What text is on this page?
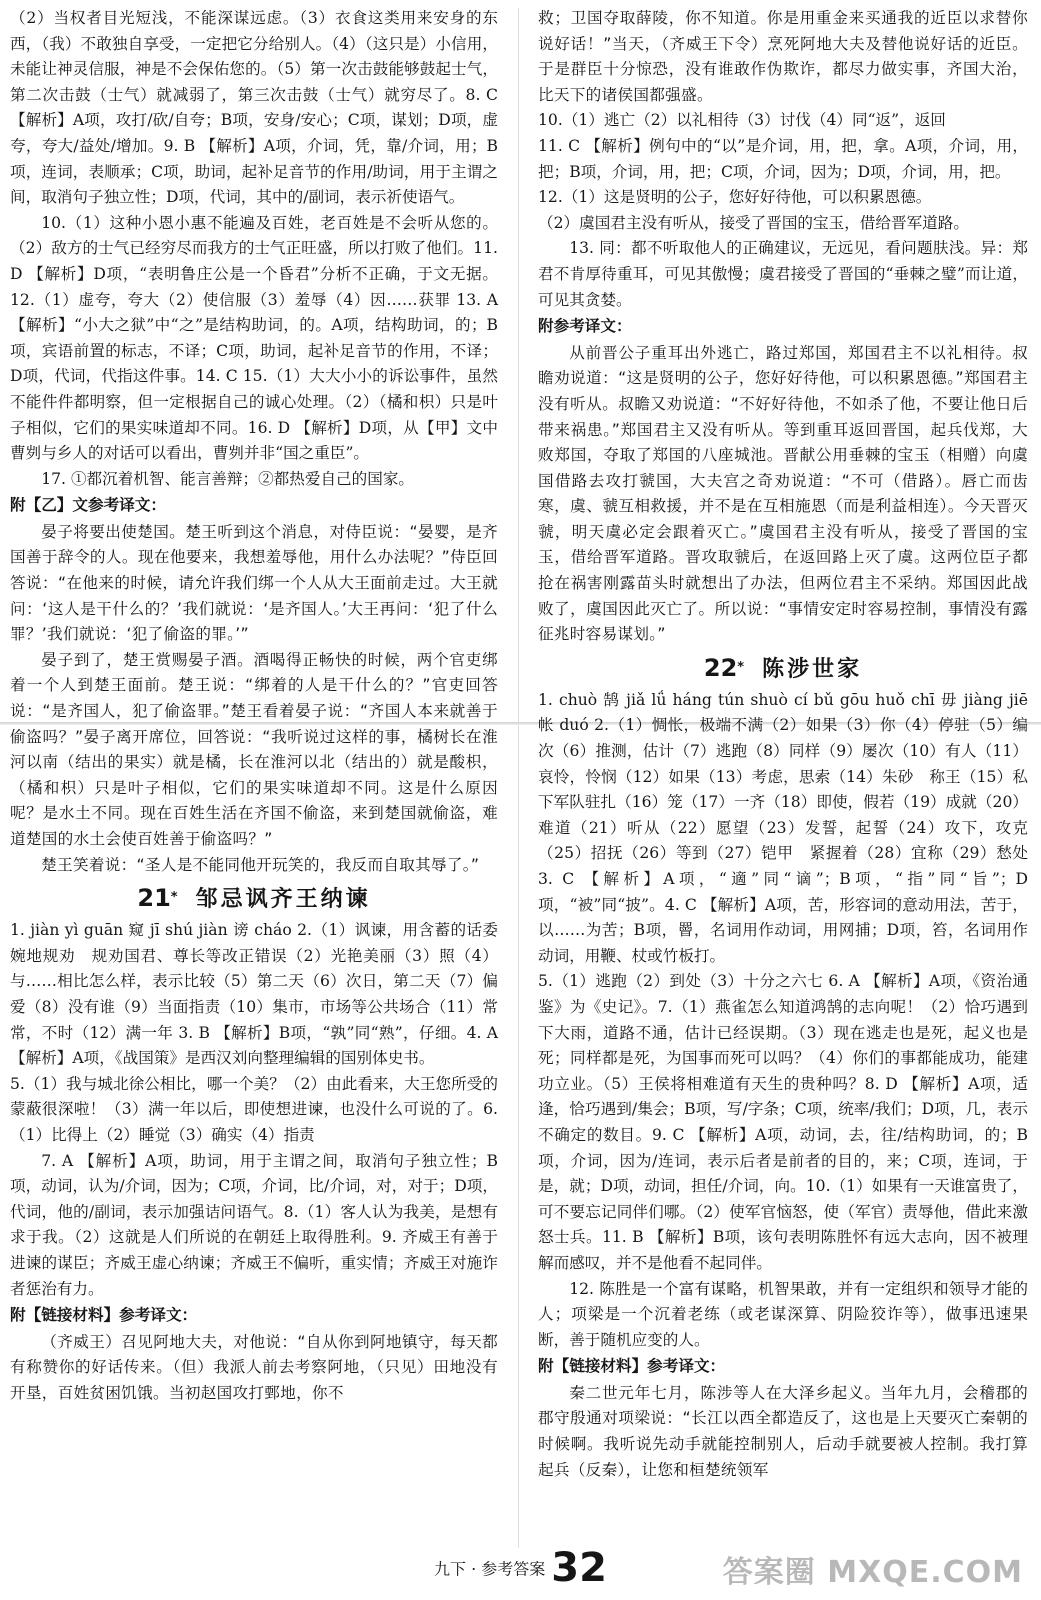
（2）当权者目光短浅，不能深谋远虑。（3）衣食这类用来安身的东西，（我）不敢独自享受，一定把它分给别人。（4）（这只是）小信用，未能让神灵信服，神是不会保佑您的。（5）第一次击鼓能够鼓起士气，第二次击鼓（士气）就减弱了，第三次击鼓（士气）就穷尽了。8. C 【解析】A项，攻打/砍/自夸；B项，安身/安心；C项，谋划；D项，虚夸，夸大/益处/增加。9. B 【解析】A项，介词，凭，靠/介词，用；B项，连词，表顺承；C项，助词，起补足音节的作用/助词，用于主谓之间，取消句子独立性；D项，代词，其中的/副词，表示祈使语气。

10.（1）这种小恩小惠不能遍及百姓，老百姓是不会听从您的。（2）敌方的士气已经穷尽而我方的士气正旺盛，所以打败了他们。11. D 【解析】D项，“表明鲁庄公是一个昏君”分析不正确，于文无据。12.（1）虚夸，夸大（2）使信服（3）羞辱（4）因……获罪 13. A 【解析】“小大之狱”中“之”是结构助词，的。A项，结构助词，的；B项，宾语前置的标志，不译；C项，助词，起补足音节的作用，不译；D项，代词，代指这件事。14. C 15.（1）大大小小的诉讼事件，虽然不能件件都明察，但一定根据自己的诚心处理。（2）（橘和枳）只是叶子相似，它们的果实味道却不同。16. D 【解析】D项，从【甲】文中曹刿与乡人的对话可以看出，曹刿并非“国之重臣”。

17. ①都沉着机智、能言善辩；②都热爱自己的国家。

附【乙】文参考译文：

晏子将要出使楚国。楚王听到这个消息，对侍臣说：“晏婴，是齐国善于辞令的人。现在他要来，我想羞辱他，用什么办法呢？”侍臣回答说：“在他来的时候，请允许我们绑一个人从大王面前走过。大王就问：‘这人是干什么的？’我们就说：‘是齐国人。’大王再问：‘犯了什么罪？’我们就说：‘犯了偷盗的罪。’”

晏子到了，楚王赏赐晏子酒。酒喝得正畅快的时候，两个官吏绑着一个人到楚王面前。楚王说：“绑着的人是干什么的？”官吏回答说：“是齐国人，犯了偷盗罪。”楚王看着晏子说：“齐国人本来就善于偷盗吗？”晏子离开席位，回答说：“我听说过这样的事，橘树长在淮河以南（结出的果实）就是橘，长在淮河以北（结出的）就是酸枳，（橘和枳）只是叶子相似，它们的果实味道却不同。这是什么原因呢？是水土不同。现在百姓生活在齐国不偷盗，来到楚国就偷盗，难道楚国的水土会使百姓善于偷盗吗？”

楚王笑着说：“圣人是不能同他开玩笑的，我反而自取其辱了。”

21* 邹忌讽齐王纳谏

1. jiàn yì guān 窥 jī shú jiàn 谤 cháo 2.（1）讽谏，用含蓄的话委婉地规劝　规劝国君、尊长等改正错误（2）光艳美丽（3）照（4）与……相比怎么样，表示比较（5）第二天（6）次日，第二天（7）偏爱（8）没有谁（9）当面指责（10）集市，市场等公共场合（11）常常，不时（12）满一年 3. B 【解析】B项，“孰”同“熟”，仔细。4. A 【解析】A项，《战国策》是西汉刘向整理编辑的国别体史书。

5.（1）我与城北徐公相比，哪一个美？（2）由此看来，大王您所受的蒙蔽很深啦！（3）满一年以后，即使想进谏，也没什么可说的了。6.（1）比得上（2）睡觉（3）确实（4）指责

7. A 【解析】A项，助词，用于主谓之间，取消句子独立性；B项，动词，认为/介词，因为；C项，介词，比/介词，对，对于；D项，代词，他的/副词，表示加强诘问语气。8.（1）客人认为我美，是想有求于我。（2）这就是人们所说的在朝廷上取得胜利。9. 齐威王有善于进谏的谋臣；齐威王虚心纳谏；齐威王不偏听，重实情；齐威王对施诈者惩治有力。

附【链接材料】参考译文：

（齐威王）召见阿地大夫，对他说：“自从你到阿地镇守，每天都有称赞你的好话传来。（但）我派人前去考察阿地，（只见）田地没有开垦，百姓贫困饥饿。当初赵国攻打鄄地，你不

救；卫国夺取薛陵，你不知道。你是用重金来买通我的近臣以求替你说好话！”当天，（齐威王下令）烹死阿地大夫及替他说好话的近臣。于是群臣十分惊恐，没有谁敢作伪欺诈，都尽力做实事，齐国大治，比天下的诸侯国都强盛。

10.（1）逃亡（2）以礼相待（3）讨伐（4）同“返”，返回

11. C 【解析】例句中的“以”是介词，用，把，拿。A项，介词，用，把；B项，介词，用，把；C项，介词，因为；D项，介词，用，把。

12.（1）这是贤明的公子，您好好待他，可以积累恩德。

（2）虞国君主没有听从，接受了晋国的宝玉，借给晋军道路。

13. 同：都不听取他人的正确建议，无远见，看问题肤浅。异：郑君不肯厚待重耳，可见其傲慢；虞君接受了晋国的“垂棘之璧”而让道，可见其贪婪。

附参考译文：

从前晋公子重耳出外逃亡，路过郑国，郑国君主不以礼相待。叔瞻劝说道：“这是贤明的公子，您好好待他，可以积累恩德。”郑国君主没有听从。叔瞻又劝说道：“不好好待他，不如杀了他，不要让他日后带来祸患。”郑国君主又没有听从。等到重耳返回晋国，起兵伐郑，大败郑国，夺取了郑国的八座城池。晋献公用垂棘的宝玉（相赠）向虞国借路去攻打虢国，大夫宫之奇劝说道：“不可（借路）。唇亡而齿寒，虞、虢互相救援，并不是在互相施恩（而是利益相连）。今天晋灭虢，明天虞必定会跟着灭亡。”虞国君主没有听从，接受了晋国的宝玉，借给晋军道路。晋攻取虢后，在返回路上灭了虞。这两位臣子都抢在祸害刚露苗头时就想出了办法，但两位君主不采纳。郑国因此战败了，虞国因此灭亡了。所以说：“事情安定时容易控制，事情没有露征兆时容易谋划。”

22* 陈涉世家

1. chuò 鹄 jiǎ lǘ háng tún shuò cí bǔ gōu huǒ chī 毋 jiàng jiē 帐 duó 2.（1）惆怅，极端不满（2）如果（3）你（4）停驻（5）编次（6）推测，估计（7）逃跑（8）同样（9）屡次（10）有人（11）哀怜，怜悯（12）如果（13）考虑，思索（14）朱砂　称王（15）私下军队驻扎（16）笼（17）一齐（18）即使，假若（19）成就（20）难道（21）听从（22）愿望（23）发誓，起誓（24）攻下，攻克（25）招抚（26）等到（27）铠甲　紧握着（28）宜称（29）愁处 3. C 【解析】A项，“適”同“谪”；B项，“指”同“旨”；D项，“被”同“披”。4. C 【解析】A项，苦，形容词的意动用法，苦于，以……为苦；B项，罾，名词用作动词，用网捕；D项，笞，名词用作动词，用鞭、杖或竹板打。

5.（1）逃跑（2）到处（3）十分之六七 6. A 【解析】A项，《资治通鉴》为《史记》。7.（1）燕雀怎么知道鸿鹄的志向呢！（2）恰巧遇到下大雨，道路不通，估计已经误期。（3）现在逃走也是死，起义也是死；同样都是死，为国事而死可以吗？（4）你们的事都能成功，能建功立业。（5）王侯将相难道有天生的贵种吗？8. D 【解析】A项，适逢，恰巧遇到/集会；B项，写/字条；C项，统率/我们；D项，几，表示不确定的数目。9. C 【解析】A项，动词，去，往/结构助词，的；B项，介词，因为/连词，表示后者是前者的目的，来；C项，连词，于是，就；D项，动词，担任/介词，向。10.（1）如果有一天谁富贵了，可不要忘记同伴们哪。（2）使军官恼怒，使（军官）责辱他，借此来激怒士兵。11. B 【解析】B项，该句表明陈胜怀有远大志向，因不被理解而感叹，并不是他看不起同伴。

12. 陈胜是一个富有谋略，机智果敢，并有一定组织和领导才能的人；项梁是一个沉着老练（或老谋深算、阴险狡诈等），做事迅速果断，善于随机应变的人。

附【链接材料】参考译文：

秦二世元年七月，陈涉等人在大泽乡起义。当年九月，会稽郡的郡守殷通对项梁说：“长江以西全都造反了，这也是上天要灭亡秦朝的时候啊。我听说先动手就能控制别人，后动手就要被人控制。我打算起兵（反秦），让您和桓楚统领军

九下 · 参考答案 32	答案圈 MXQE.COM
